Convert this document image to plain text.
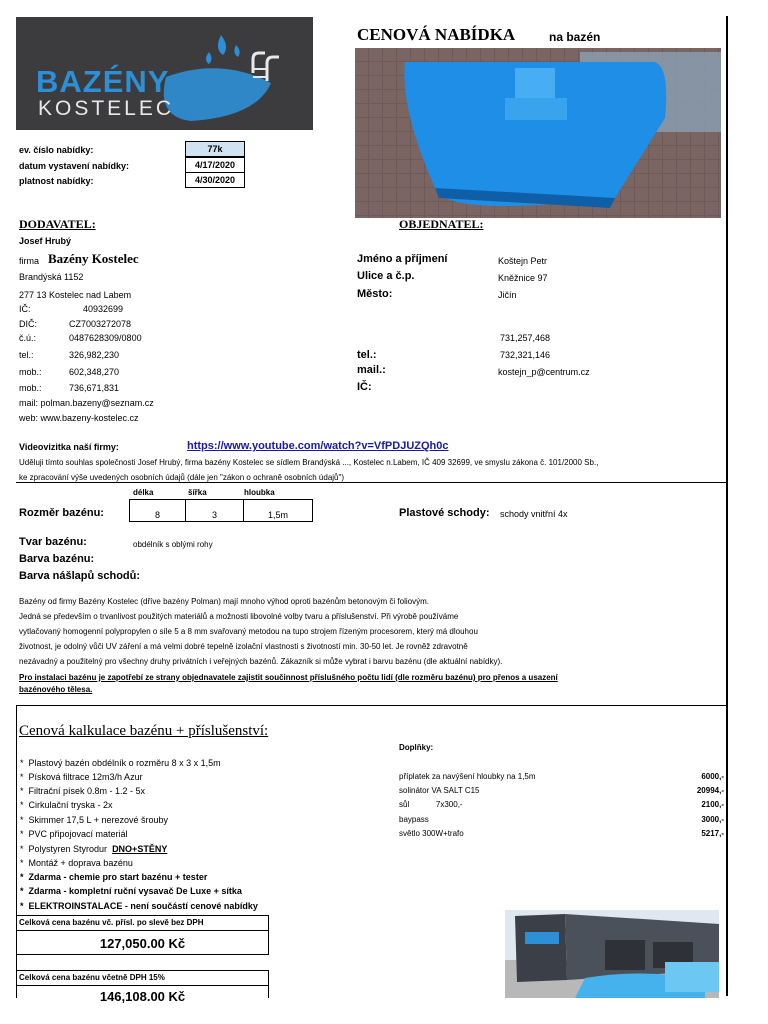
BAZÉNY
KOSTELEC
CENOVÁ NABÍDKA	na bazén
ev. číslo nabídky:	77k
datum vystavení nabídky:	4/17/2020
platnost nabídky:	4/30/2020
DODAVATEL:
Josef Hrubý
firma Bazény Kostelec
Brandýská 1152
277 13 Kostelec nad Labem
IČ:	40932699
DIČ:	CZ7003272078
č.ú.:	0487628309/0800
tel.:	326,982,230
mob.:	602,348,270
mob.:	736,671,831
mail: polman.bazeny@seznam.cz
web: www.bazeny-kostelec.cz
OBJEDNATEL:
Jméno a příjmení	Koštejn Petr
Ulice a č.p.	Kněžnice 97
Město:	Jičín
731,257,468
tel.:	732,321,146
mail.:	kostejn_p@centrum.cz
IČ:
Videovizitka naší firmy:	https://www.youtube.com/watch?v=VfPDJUZQh0c
Uděluji tímto souhlas společnosti Josef Hrubý, firma bazény Kostelec se sídlem Brandýská ..., Kostelec n.Labem, IČ 409 32699, ve smyslu zákona č. 101/2000 Sb.,
ke zpracování výše uvedených osobních údajů (dále jen "zákon o ochraně osobních údajů")
délka	šířka	hloubka
Rozměr bazénu:	8	3	1,5m	Plastové schody: schody vnitřní 4x
Tvar bazénu:	obdélník s oblými rohy
Barva bazénu:
Barva nášlapů schodů:
Bazény od firmy Bazény Kostelec (dříve bazény Polman) mají mnoho výhod oproti bazénům betonovým či foliovým.
Jedná se především o trvanlivost použitých materiálů a možnosti libovolné volby tvaru a příslušenství. Při výrobě používáme
vytlačovaný homogenní polypropylen o síle 5 a 8 mm svařovaný metodou na tupo strojem řízeným procesorem, který má dlouhou
životnost, je odolný vůči UV záření a má velmi dobré tepelně izolační vlastnosti s životností min. 30-50 let. Je rovněž zdravotně
nezávadný a použitelný pro všechny druhy privátních i veřejných bazénů. Zákazník si může vybrat i barvu bazénu (dle aktuální nabídky).
Pro instalaci bazénu je zapotřebí ze strany objednavatele zajistit součinnost příslušného počtu lidí (dle rozměru bazénu) pro přenos a usazení
bazénového tělesa.
Cenová kalkulace bazénu + příslušenství:
Doplňky:
*  Plastový bazén obdélník o rozměru 8 x 3 x 1,5m
*  Písková filtrace 12m3/h Azur
*  Filtrační písek 0.8m - 1.2 - 5x
*  Cirkulační tryska - 2x
*  Skimmer 17,5 L + nerezové šrouby
*  PVC připojovací materiál
*  Polystyren Styrodur DNO+STĚNY
*  Montáž + doprava bazénu
*  Zdarma - chemie pro start bazénu + tester
*  Zdarma - kompletní ruční vysavač De Luxe + sítka
*  ELEKTROINSTALACE - není součástí cenové nabídky
příplatek za navýšení hloubky na 1,5m	6000,-
solinátor VA SALT C15	20994,-
sůl            7x300,-	2100,-
baypass	3000,-
světlo 300W+trafo	5217,-
Celková cena bazénu vč. přísl. po slevě bez DPH
127,050.00 Kč
Celková cena bazénu včetně DPH 15%
146,108.00 Kč
